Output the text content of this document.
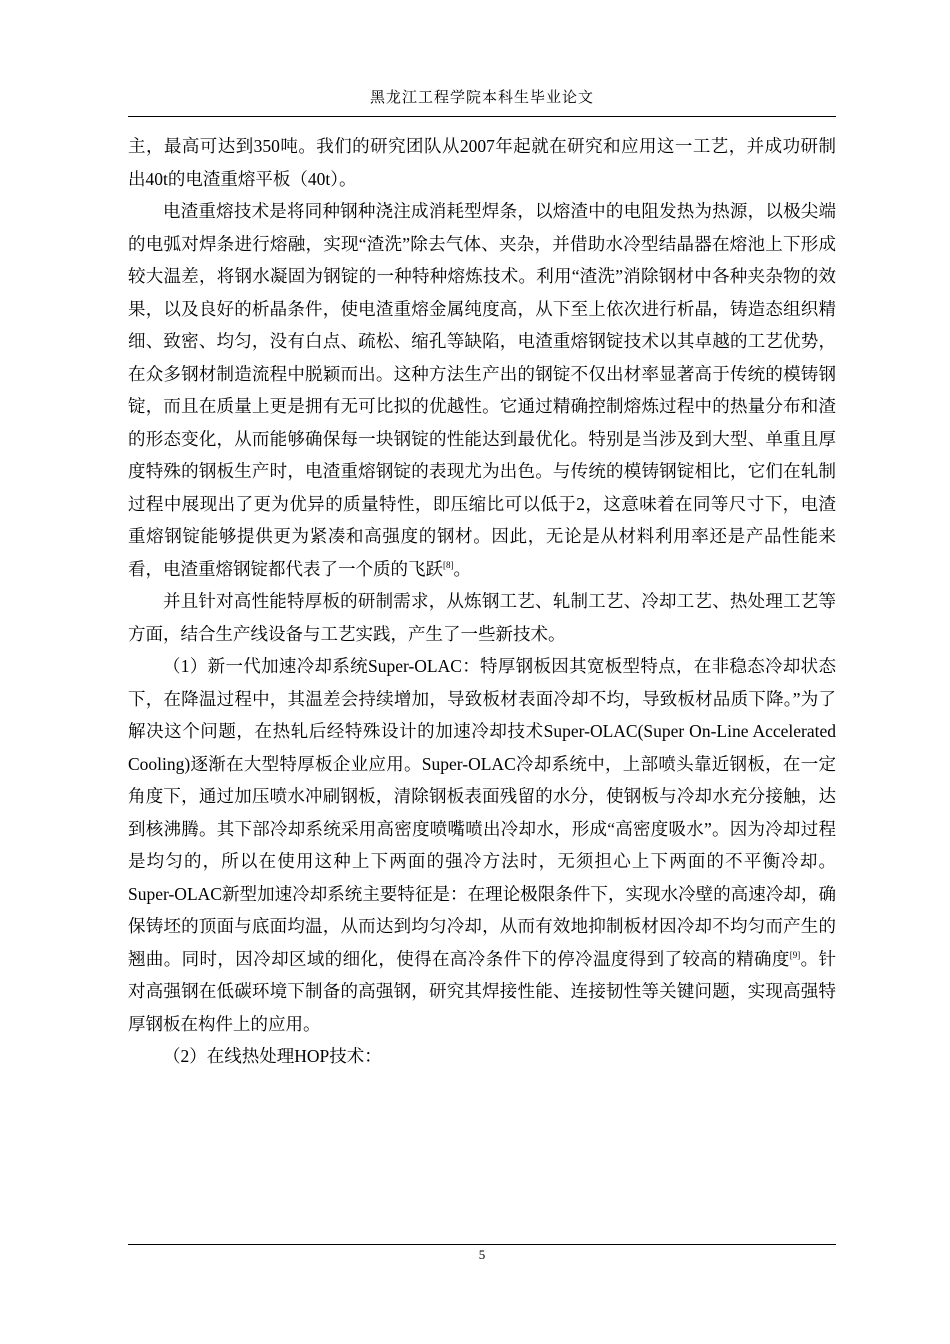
黑龙江工程学院本科生毕业论文

主，最高可达到350吨。我们的研究团队从2007年起就在研究和应用这一工艺，并成功研制出40t的电渣重熔平板（40t）。

电渣重熔技术是将同种钢种浇注成消耗型焊条，以熔渣中的电阻发热为热源，以极尖端的电弧对焊条进行熔融，实现“渣洗”除去气体、夹杂，并借助水冷型结晶器在熔池上下形成较大温差，将钢水凝固为钢锭的一种特种熔炼技术。利用“渣洗”消除钢材中各种夹杂物的效果，以及良好的析晶条件，使电渣重熔金属纯度高，从下至上依次进行析晶，铸造态组织精细、致密、均匀，没有白点、疏松、缩孔等缺陷，电渣重熔钢锭技术以其卓越的工艺优势，在众多钢材制造流程中脱颖而出。这种方法生产出的钢锭不仅出材率显著高于传统的模铸钢锭，而且在质量上更是拥有无可比拟的优越性。它通过精确控制熔炼过程中的热量分布和渣的形态变化，从而能够确保每一块钢锭的性能达到最优化。特别是当涉及到大型、单重且厚度特殊的钢板生产时，电渣重熔钢锭的表现尤为出色。与传统的模铸钢锭相比，它们在轧制过程中展现出了更为优异的质量特性，即压缩比可以低于2，这意味着在同等尺寸下，电渣重熔钢锭能够提供更为紧凑和高强度的钢材。因此，无论是从材料利用率还是产品性能来看，电渣重熔钢锭都代表了一个质的飞跃[8]。

并且针对高性能特厚板的研制需求，从炼钢工艺、轧制工艺、冷却工艺、热处理工艺等方面，结合生产线设备与工艺实践，产生了一些新技术。

（1）新一代加速冷却系统Super-OLAC：特厚钢板因其宽板型特点，在非稳态冷却状态下，在降温过程中，其温差会持续增加，导致板材表面冷却不均，导致板材品质下降。”为了解决这个问题，在热轧后经特殊设计的加速冷却技术Super-OLAC(Super On-Line Accelerated Cooling)逐渐在大型特厚板企业应用。Super-OLAC冷却系统中，上部喷头靠近钢板，在一定角度下，通过加压喷水冲刷钢板，清除钢板表面残留的水分，使钢板与冷却水充分接触，达到核沸腾。其下部冷却系统采用高密度喷嘴喷出冷却水，形成“高密度吸水”。因为冷却过程是均匀的，所以在使用这种上下两面的强冷方法时，无须担心上下两面的不平衡冷却。Super-OLAC新型加速冷却系统主要特征是：在理论极限条件下，实现水冷壁的高速冷却，确保铸坯的顶面与底面均温，从而达到均匀冷却，从而有效地抑制板材因冷却不均匀而产生的翘曲。同时，因冷却区域的细化，使得在高冷条件下的停冷温度得到了较高的精确度[9]。针对高强钢在低碳环境下制备的高强钢，研究其焊接性能、连接韧性等关键问题，实现高强特厚钢板在构件上的应用。

（2）在线热处理HOP技术：

5
